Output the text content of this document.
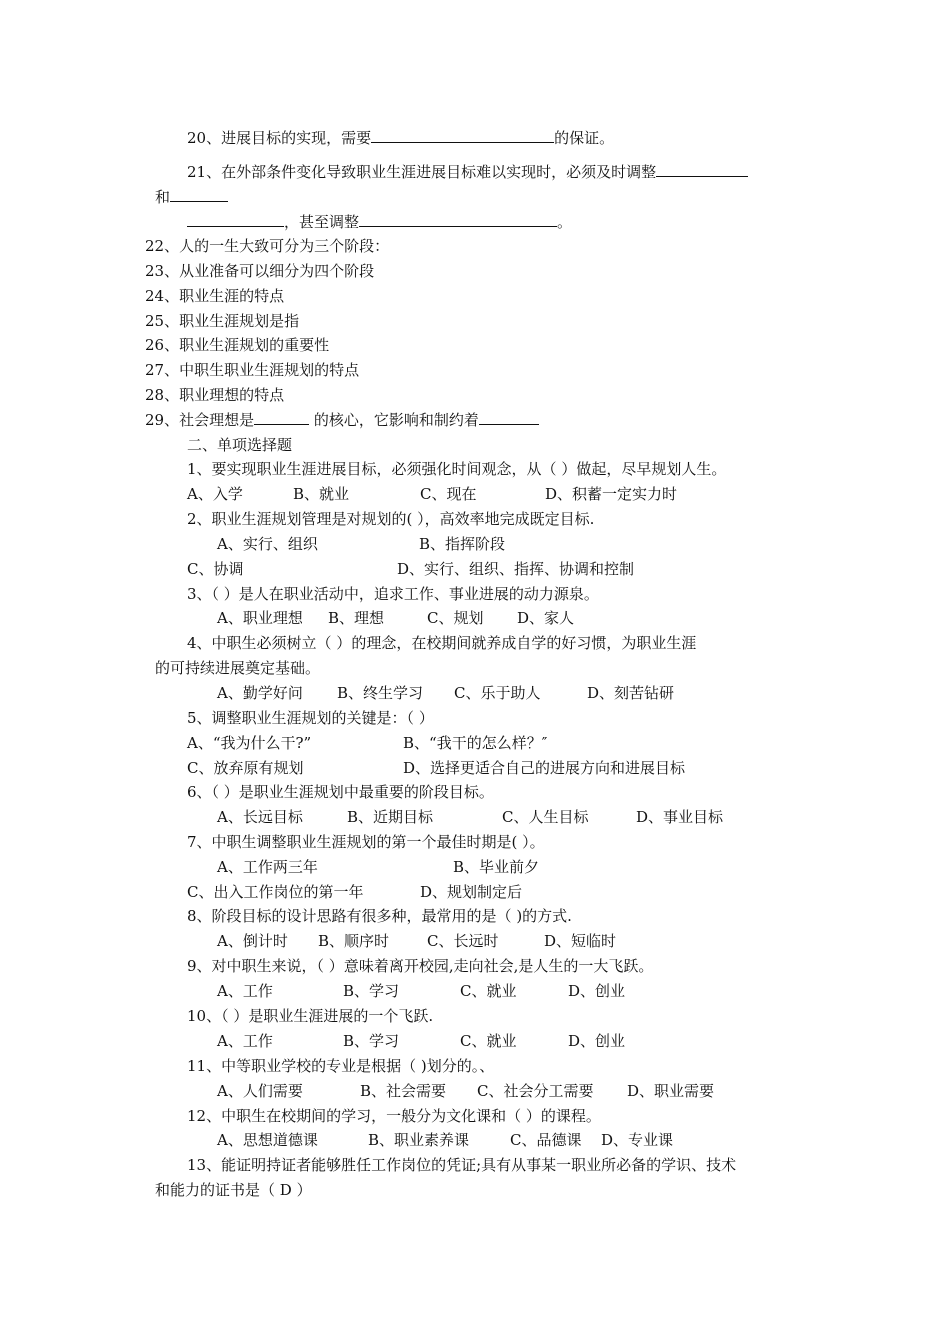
20、进展目标的实现，需要	的保证。
21、在外部条件变化导致职业生涯进展目标难以实现时，必须及时调整
和
，甚至调整	。
22、人的一生大致可分为三个阶段：
23、从业准备可以细分为四个阶段
24、职业生涯的特点
25、职业生涯规划是指
26、职业生涯规划的重要性
27、中职生职业生涯规划的特点
28、职业理想的特点
29、社会理想是	的核心，它影响和制约着
二、单项选择题
1、要实现职业生涯进展目标，必须强化时间观念，从（ ）做起，尽早规划人生。
A、入学	B、就业	C、现在	D、积蓄一定实力时
2、职业生涯规划管理是对规划的( ），高效率地完成既定目标.
A、实行、组织	B、指挥阶段
C、协调	D、实行、组织、指挥、协调和控制
3、（ ）是人在职业活动中，追求工作、事业进展的动力源泉。
A、职业理想 B、理想	C、规划 D、家人
4、中职生必须树立（ ）的理念，在校期间就养成自学的好习惯，为职业生涯
的可持续进展奠定基础。
A、勤学好问 B、终生学习 C、乐于助人	D、刻苦钻研
5、调整职业生涯规划的关键是：（ ）
A、“我为什么干?”	B、“我干的怎么样？″
C、放弃原有规划	D、选择更适合自己的进展方向和进展目标
6、（ ）是职业生涯规划中最重要的阶段目标。
A、长远目标	B、近期目标	C、人生目标	D、事业目标
7、中职生调整职业生涯规划的第一个最佳时期是( ）。
A、工作两三年	B、毕业前夕
C、出入工作岗位的第一年	D、规划制定后
8、阶段目标的设计思路有很多种，最常用的是（ )的方式.
A、倒计时 B、顺序时	C、长远时	D、短临时
9、对中职生来说，（ ）意味着离开校园,走向社会,是人生的一大飞跃。
A、工作	B、学习	C、就业	D、创业
10、（ ）是职业生涯进展的一个飞跃.
11、中等职业学校的专业是根据（ )划分的。、
A、工作	B、学习	C、就业	D、创业
A、人们需要	B、社会需要 C、社会分工需要 D、职业需要
12、中职生在校期间的学习，一般分为文化课和（ ）的课程。
A、思想道德课	B、职业素养课	C、品德课 D、专业课
13、能证明持证者能够胜任工作岗位的凭证;具有从事某一职业所必备的学识、技术
和能力的证书是（ D ）
